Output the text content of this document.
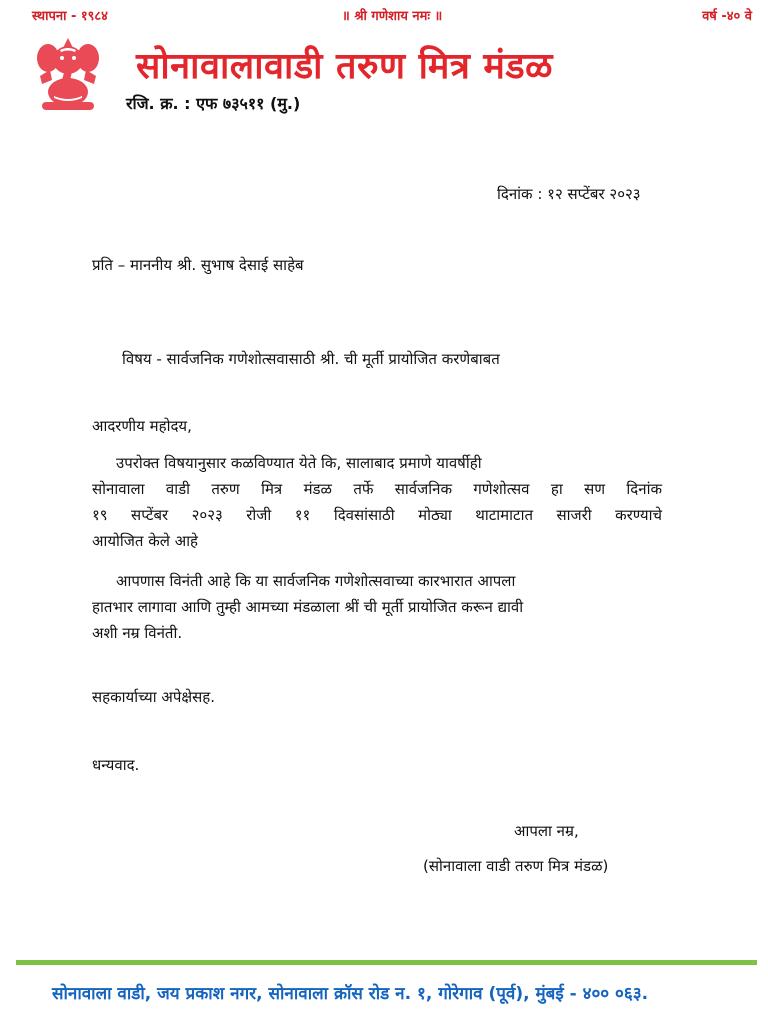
स्थापना - १९८४	॥ श्री गणेशाय नमः ॥	वर्ष -४० वे
सोनावालावाडी तरुण मित्र मंडळ
रजि. क्र. : एफ ७३५११ (मु.)
दिनांक : १२ सप्टेंबर २०२३
प्रति – माननीय श्री. सुभाष देसाई साहेब
विषय - सार्वजनिक गणेशोत्सवासाठी श्री. ची मूर्ती प्रायोजित करणेबाबत
आदरणीय महोदय,
उपरोक्त विषयानुसार कळविण्यात येते कि, सालाबाद प्रमाणे यावर्षीही
सोनावाला वाडी तरुण मित्र मंडळ तर्फे सार्वजनिक गणेशोत्सव हा सण दिनांक
१९ सप्टेंबर २०२३ रोजी ११ दिवसांसाठी मोठ्या थाटामाटात साजरी करण्याचे
आयोजित केले आहे
आपणास विनंती आहे कि या सार्वजनिक गणेशोत्सवाच्या कारभारात आपला
हातभार लागावा आणि तुम्ही आमच्या मंडळाला श्रीं ची मूर्ती प्रायोजित करून द्यावी
अशी नम्र विनंती.
सहकार्याच्या अपेक्षेसह.
धन्यवाद.
आपला नम्र,
(सोनावाला वाडी तरुण मित्र मंडळ)
सोनावाला वाडी, जय प्रकाश नगर, सोनावाला क्रॉस रोड न. १, गोरेगाव (पूर्व), मुंबई - ४०० ०६३.
